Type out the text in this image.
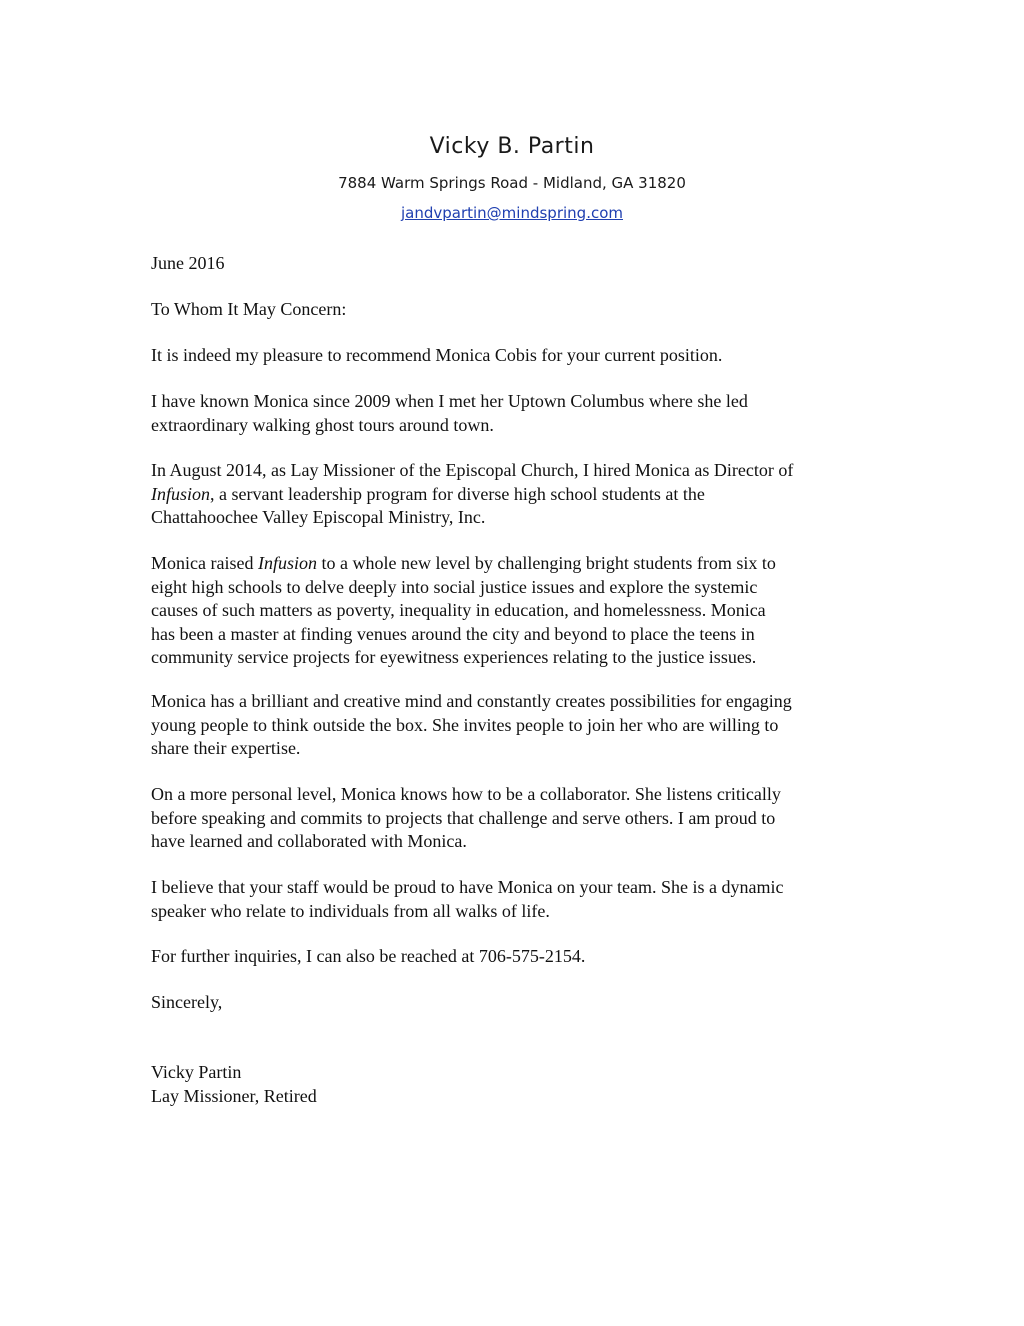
Vicky B. Partin
7884 Warm Springs Road - Midland, GA 31820
jandvpartin@mindspring.com
June 2016
To Whom It May Concern:
It is indeed my pleasure to recommend Monica Cobis for your current position.
I have known Monica since 2009 when I met her Uptown Columbus where she led
extraordinary walking ghost tours around town.
In August 2014, as Lay Missioner of the Episcopal Church, I hired Monica as Director of
Infusion, a servant leadership program for diverse high school students at the
Chattahoochee Valley Episcopal Ministry, Inc.
Monica raised Infusion to a whole new level by challenging bright students from six to
eight high schools to delve deeply into social justice issues and explore the systemic
causes of such matters as poverty, inequality in education, and homelessness. Monica
has been a master at finding venues around the city and beyond to place the teens in
community service projects for eyewitness experiences relating to the justice issues.
Monica has a brilliant and creative mind and constantly creates possibilities for engaging
young people to think outside the box. She invites people to join her who are willing to
share their expertise.
On a more personal level, Monica knows how to be a collaborator. She listens critically
before speaking and commits to projects that challenge and serve others. I am proud to
have learned and collaborated with Monica.
I believe that your staff would be proud to have Monica on your team. She is a dynamic
speaker who relate to individuals from all walks of life.
For further inquiries, I can also be reached at 706-575-2154.
Sincerely,
Vicky Partin
Lay Missioner, Retired
